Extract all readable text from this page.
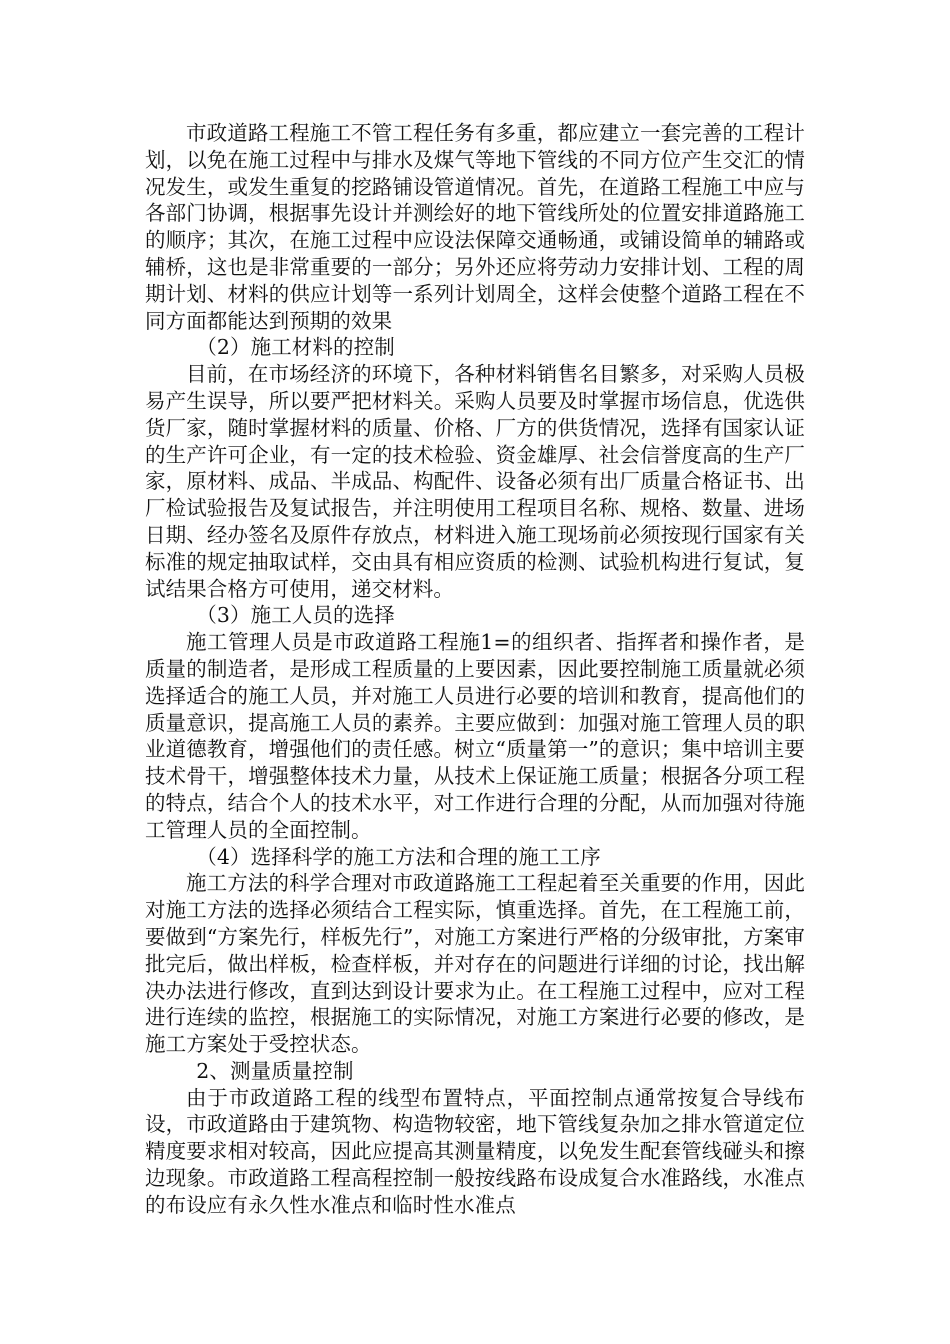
市政道路工程施工不管工程任务有多重，都应建立一套完善的工程计划，以免在施工过程中与排水及煤气等地下管线的不同方位产生交汇的情况发生，或发生重复的挖路铺设管道情况。首先，在道路工程施工中应与各部门协调，根据事先设计并测绘好的地下管线所处的位置安排道路施工的顺序；其次，在施工过程中应设法保障交通畅通，或铺设简单的辅路或辅桥，这也是非常重要的一部分；另外还应将劳动力安排计划、工程的周期计划、材料的供应计划等一系列计划周全，这样会使整个道路工程在不同方面都能达到预期的效果

（2）施工材料的控制

目前，在市场经济的环境下，各种材料销售名目繁多，对采购人员极易产生误导，所以要严把材料关。采购人员要及时掌握市场信息，优选供货厂家，随时掌握材料的质量、价格、厂方的供货情况，选择有国家认证的生产许可企业，有一定的技术检验、资金雄厚、社会信誉度高的生产厂家，原材料、成品、半成品、构配件、设备必须有出厂质量合格证书、出厂检试验报告及复试报告，并注明使用工程项目名称、规格、数量、进场日期、经办签名及原件存放点，材料进入施工现场前必须按现行国家有关标准的规定抽取试样，交由具有相应资质的检测、试验机构进行复试，复试结果合格方可使用，递交材料。

（3）施工人员的选择

施工管理人员是市政道路工程施1=的组织者、指挥者和操作者，是质量的制造者，是形成工程质量的上要因素，因此要控制施工质量就必须选择适合的施工人员，并对施工人员进行必要的培训和教育，提高他们的质量意识，提高施工人员的素养。主要应做到：加强对施工管理人员的职业道德教育，增强他们的责任感。树立“质量第一”的意识；集中培训主要技术骨干，增强整体技术力量，从技术上保证施工质量；根据各分项工程的特点，结合个人的技术水平，对工作进行合理的分配，从而加强对待施工管理人员的全面控制。

（4）选择科学的施工方法和合理的施工工序

施工方法的科学合理对市政道路施工工程起着至关重要的作用，因此对施工方法的选择必须结合工程实际，慎重选择。首先，在工程施工前，要做到“方案先行，样板先行”，对施工方案进行严格的分级审批，方案审批完后，做出样板，检查样板，并对存在的问题进行详细的讨论，找出解决办法进行修改，直到达到设计要求为止。在工程施工过程中，应对工程进行连续的监控，根据施工的实际情况，对施工方案进行必要的修改，是施工方案处于受控状态。

2、测量质量控制

由于市政道路工程的线型布置特点，平面控制点通常按复合导线布设，市政道路由于建筑物、构造物较密，地下管线复杂加之排水管道定位精度要求相对较高，因此应提高其测量精度，以免发生配套管线碰头和擦边现象。市政道路工程高程控制一般按线路布设成复合水准路线，水准点的布设应有永久性水准点和临时性水准点
